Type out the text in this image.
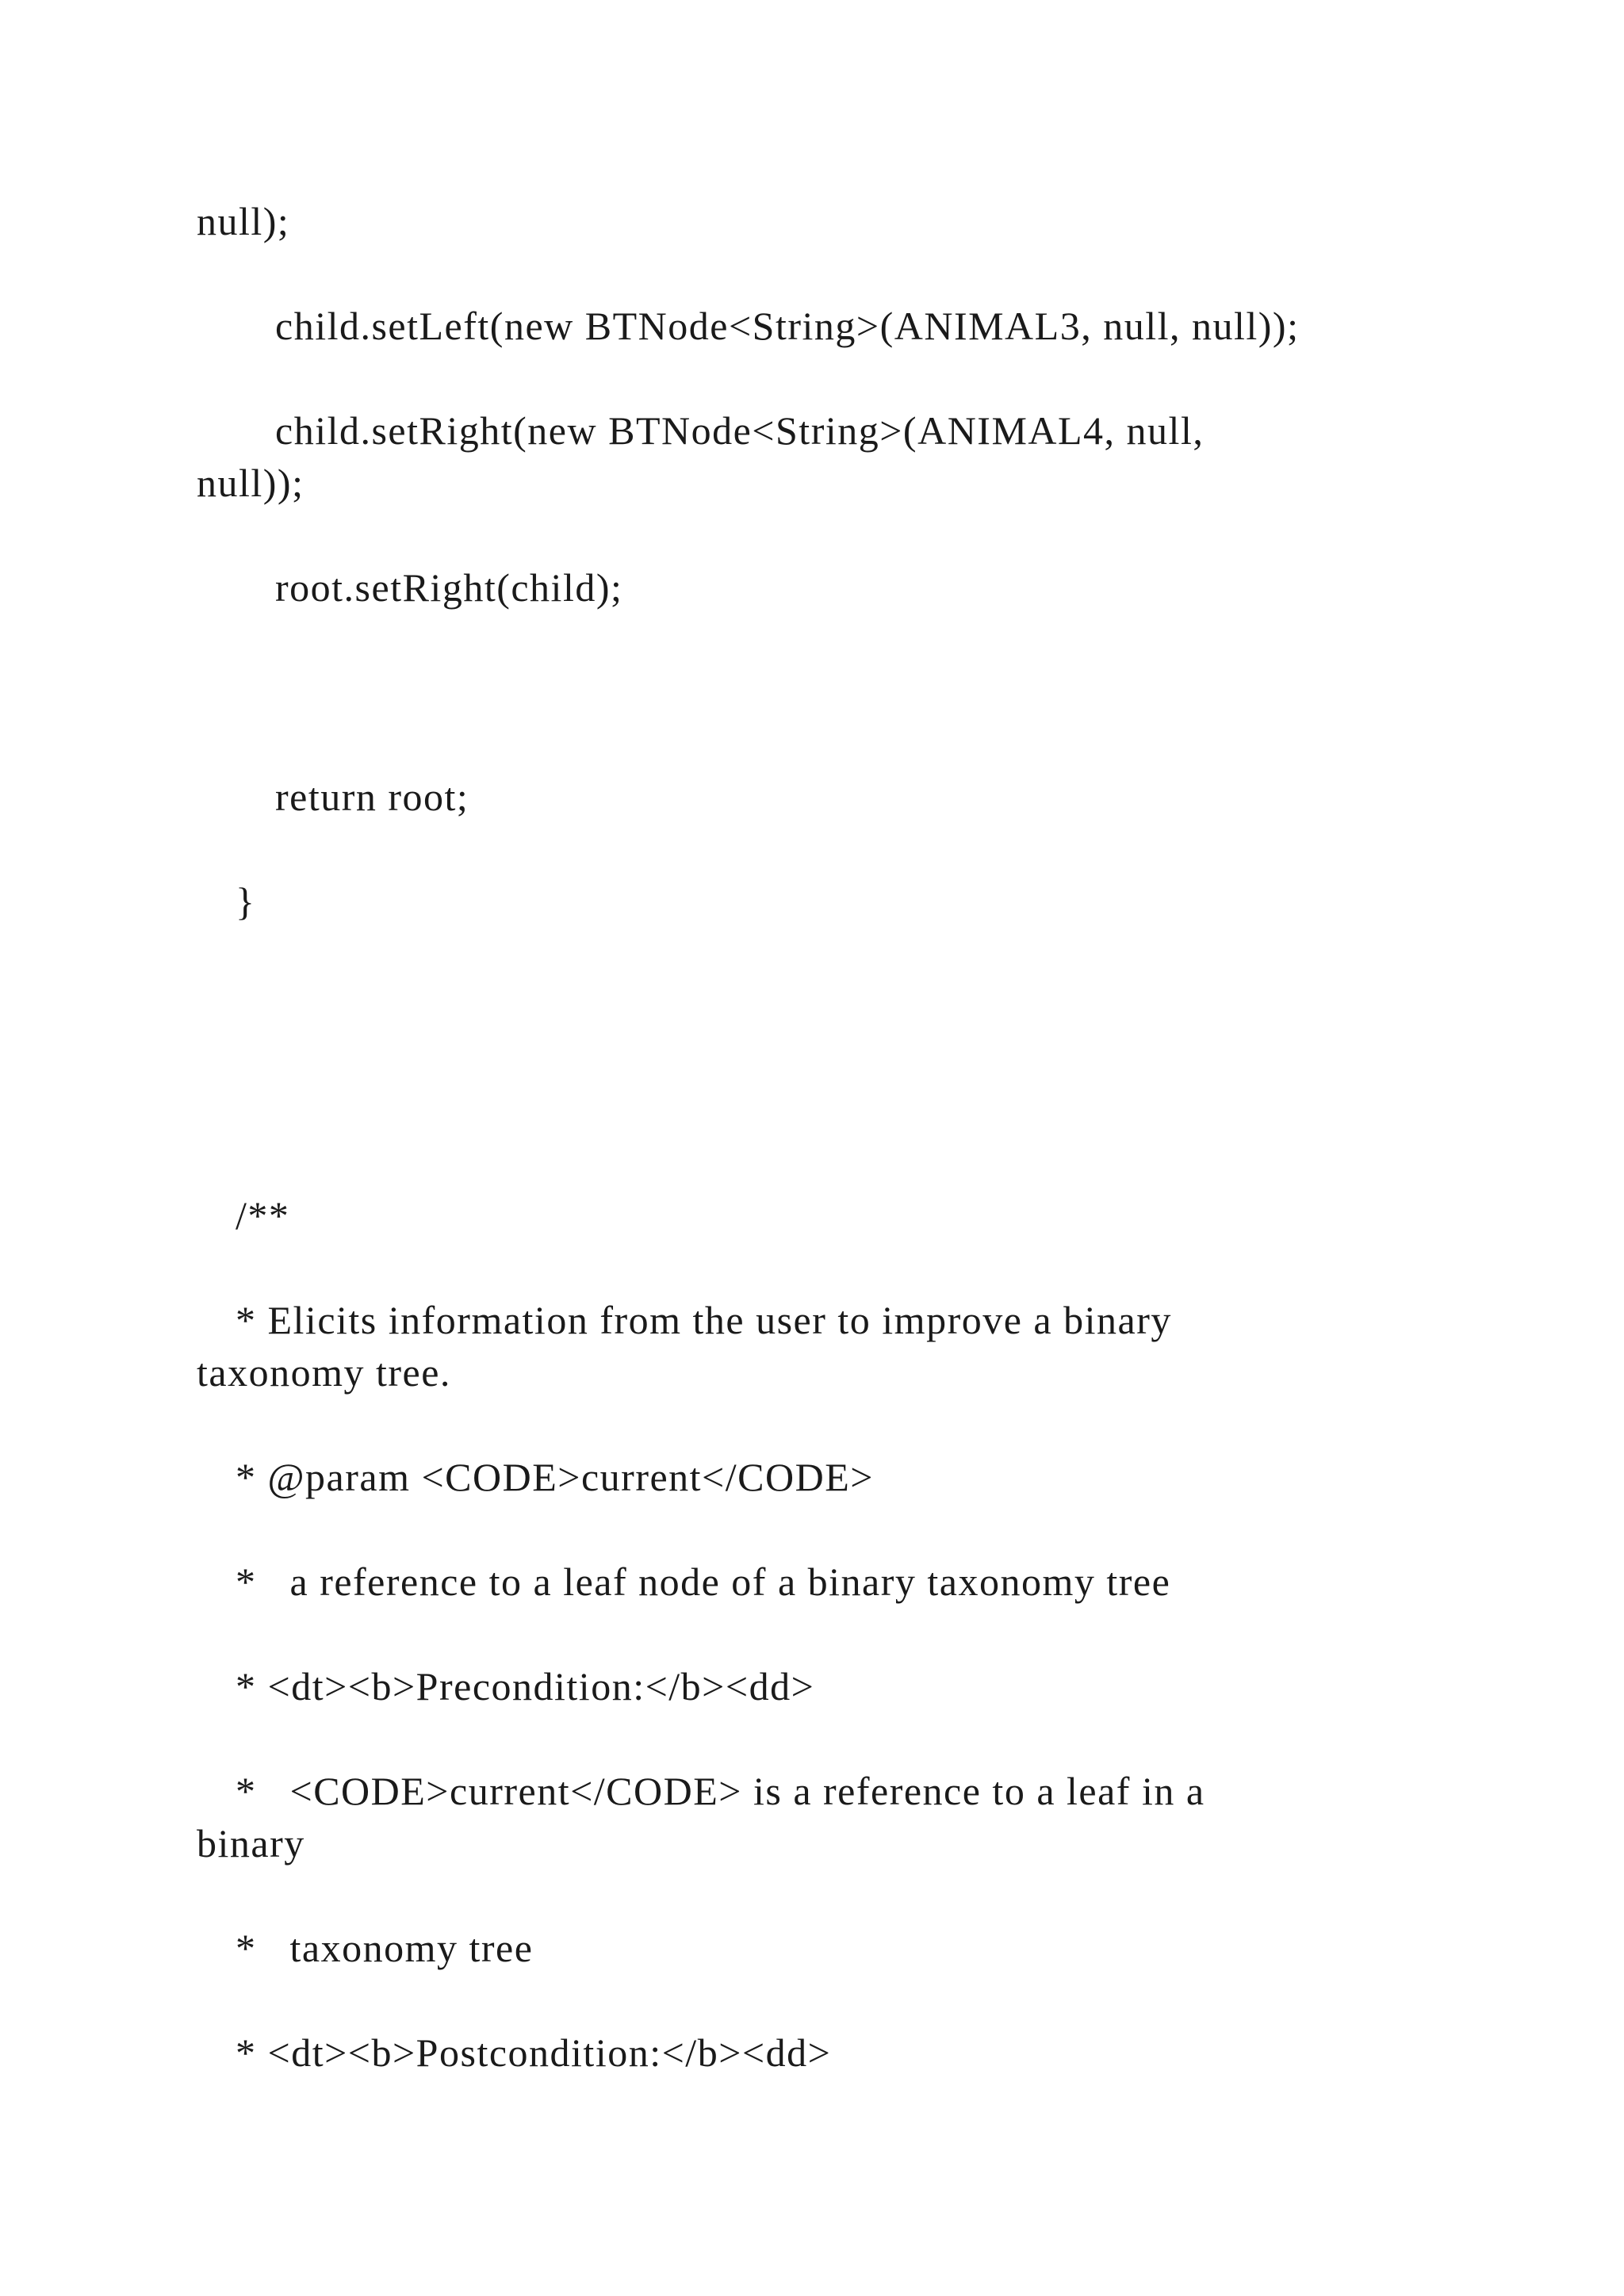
null);

child.setLeft(new BTNode<String>(ANIMAL3, null, null));

child.setRight(new BTNode<String>(ANIMAL4, null,

null));

root.setRight(child);

return root;

}

/**

* Elicits information from the user to improve a binary

taxonomy tree.

* @param <CODE>current</CODE>

*   a reference to a leaf node of a binary taxonomy tree

* <dt><b>Precondition:</b><dd>

*   <CODE>current</CODE> is a reference to a leaf in a

binary

*   taxonomy tree

* <dt><b>Postcondition:</b><dd>
